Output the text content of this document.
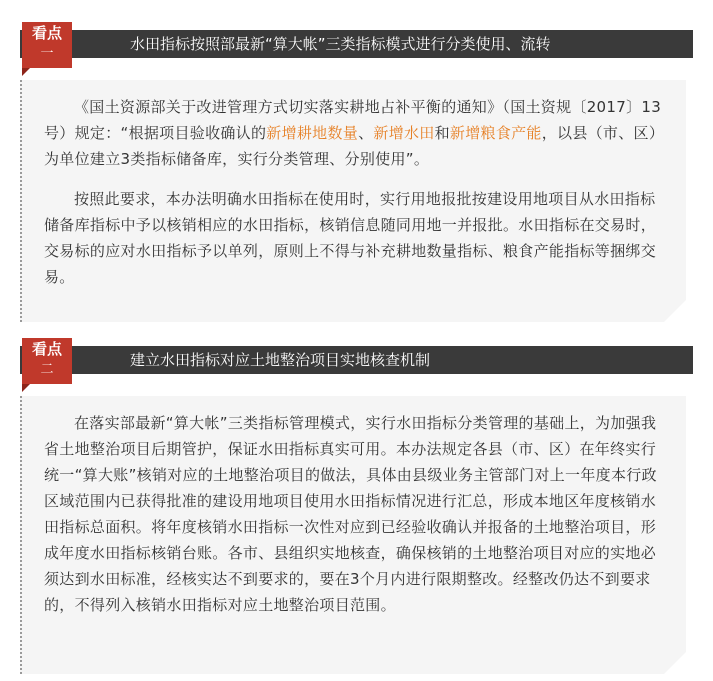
水田指标按照部最新“算大帐”三类指标模式进行分类使用、流转
看点
一

《国土资源部关于改进管理方式切实落实耕地占补平衡的通知》（国土资规〔2017〕13号）规定：“根据项目验收确认的新增耕地数量、新增水田和新增粮食产能，以县（市、区）为单位建立3类指标储备库，实行分类管理、分别使用”。

按照此要求，本办法明确水田指标在使用时，实行用地报批按建设用地项目从水田指标储备库指标中予以核销相应的水田指标，核销信息随同用地一并报批。水田指标在交易时，交易标的应对水田指标予以单列，原则上不得与补充耕地数量指标、粮食产能指标等捆绑交易。

建立水田指标对应土地整治项目实地核查机制
看点
二

在落实部最新“算大帐”三类指标管理模式，实行水田指标分类管理的基础上，为加强我省土地整治项目后期管护，保证水田指标真实可用。本办法规定各县（市、区）在年终实行统一“算大账”核销对应的土地整治项目的做法，具体由县级业务主管部门对上一年度本行政区域范围内已获得批准的建设用地项目使用水田指标情况进行汇总，形成本地区年度核销水田指标总面积。将年度核销水田指标一次性对应到已经验收确认并报备的土地整治项目，形成年度水田指标核销台账。各市、县组织实地核查，确保核销的土地整治项目对应的实地必须达到水田标准，经核实达不到要求的，要在3个月内进行限期整改。经整改仍达不到要求的，不得列入核销水田指标对应土地整治项目范围。
